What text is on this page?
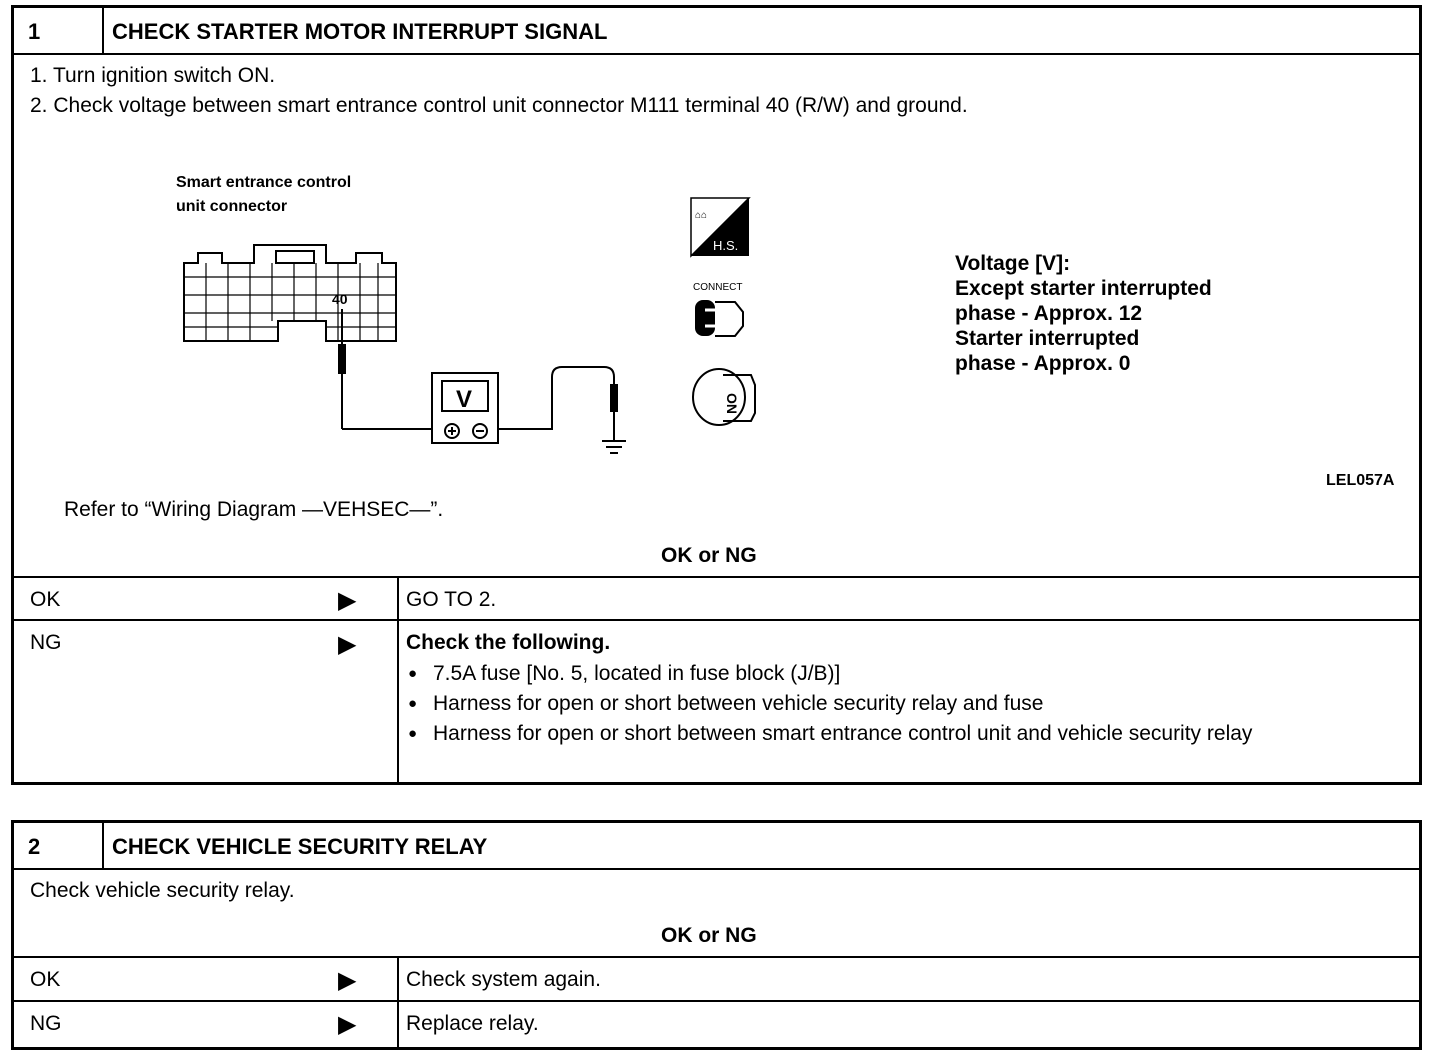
1	CHECK STARTER MOTOR INTERRUPT SIGNAL
1. Turn ignition switch ON.
2. Check voltage between smart entrance control unit connector M111 terminal 40 (R/W) and ground.
Smart entrance control
unit connector
40
V
⌂⌂
H.S.
CONNECT
ON
Voltage [V]:
Except starter interrupted
phase - Approx. 12
Starter interrupted
phase - Approx. 0
LEL057A
Refer to “Wiring Diagram —VEHSEC—”.
OK or NG
OK	▶ GO TO 2.
NG	▶ Check the following.
● 7.5A fuse [No. 5, located in fuse block (J/B)]
● Harness for open or short between vehicle security relay and fuse
● Harness for open or short between smart entrance control unit and vehicle security relay
2	CHECK VEHICLE SECURITY RELAY
Check vehicle security relay.
OK or NG
OK	▶ Check system again.
NG	▶ Replace relay.
